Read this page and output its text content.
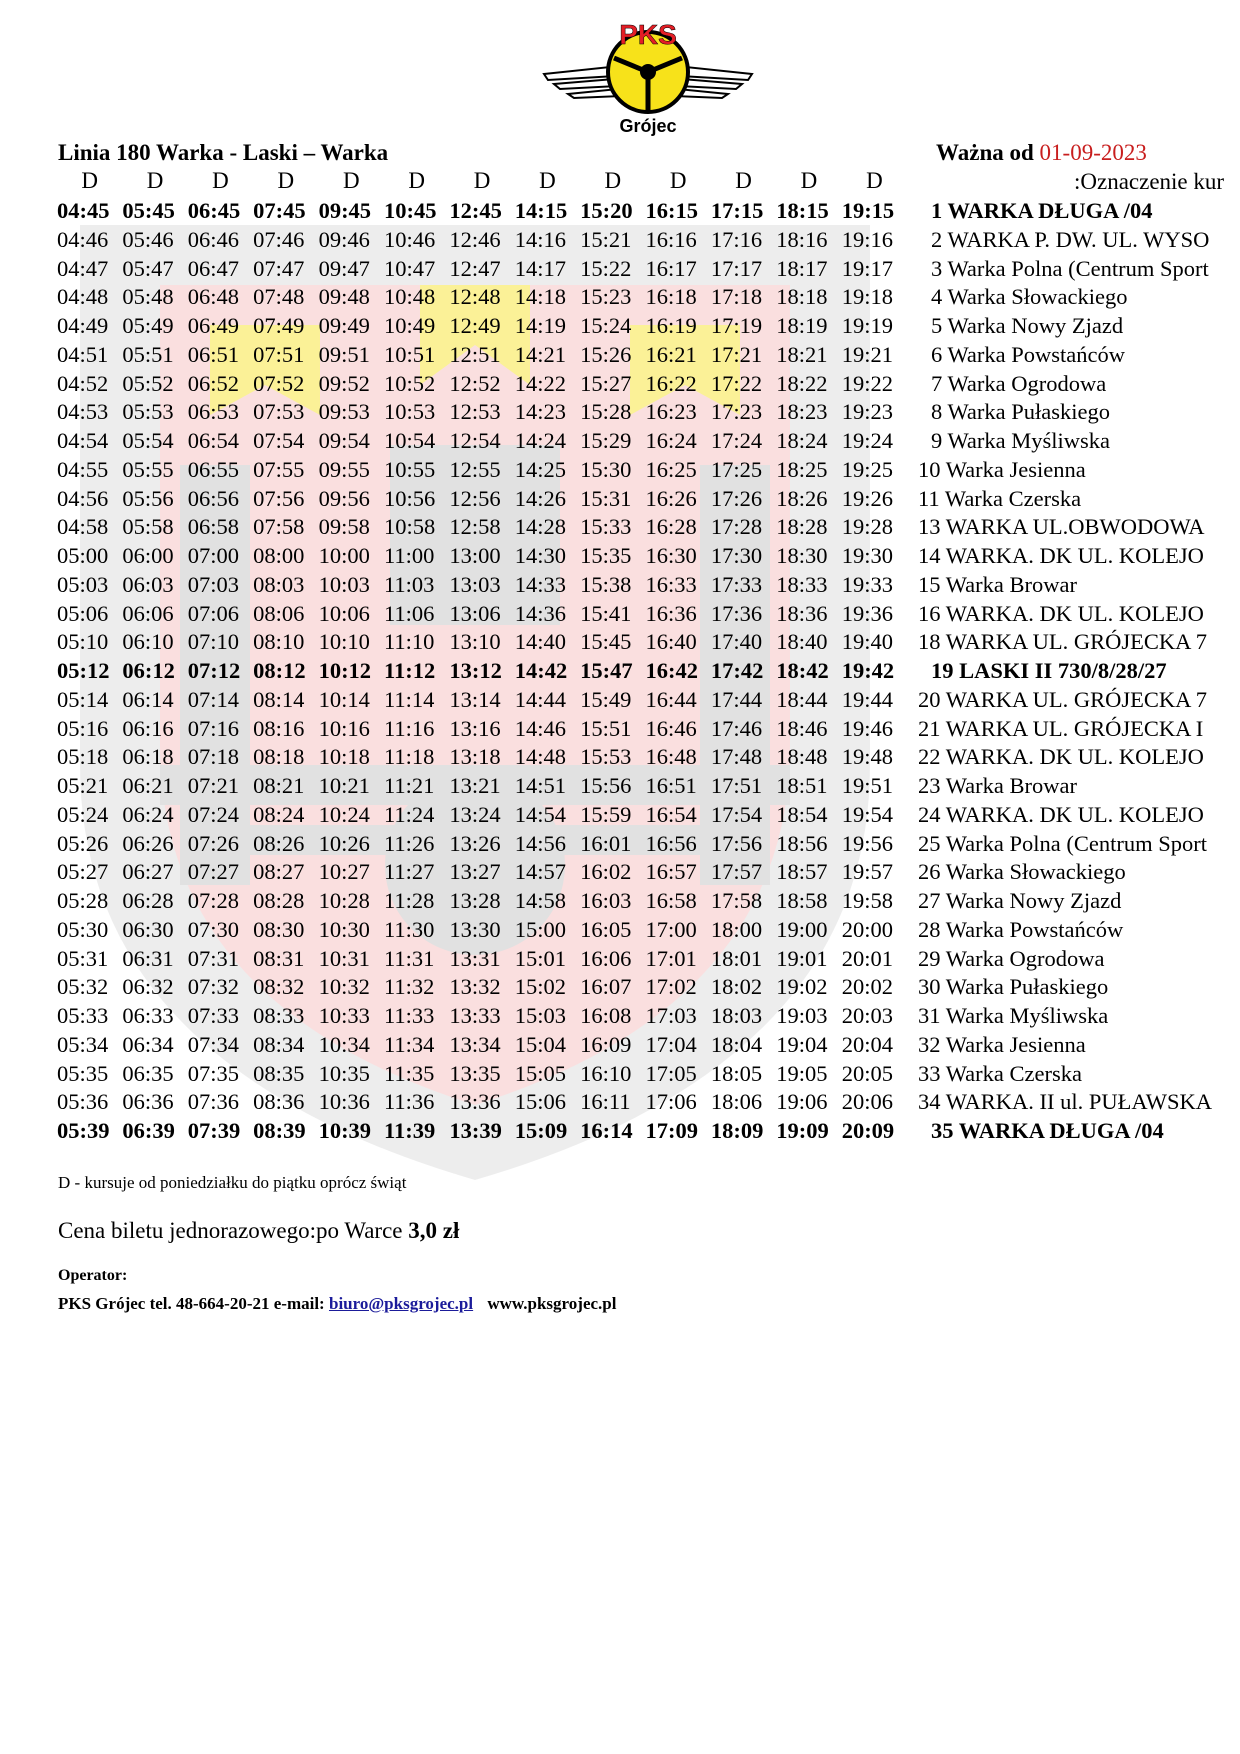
PKS
Grójec
Linia 180 Warka - Laski – Warka	Ważna od 01-09-2023
:Oznaczenie kur
D	D	D	D	D	D	D	D	D	D	D	D	D
04:45 05:45 06:45 07:45 09:45 10:45 12:45 14:15 15:20 16:15 17:15 18:15 19:15	1 WARKA DŁUGA /04
04:46 05:46 06:46 07:46 09:46 10:46 12:46 14:16 15:21 16:16 17:16 18:16 19:16	2 WARKA P. DW. UL. WYSO
04:47 05:47 06:47 07:47 09:47 10:47 12:47 14:17 15:22 16:17 17:17 18:17 19:17	3 Warka Polna (Centrum Sport
04:48 05:48 06:48 07:48 09:48 10:48 12:48 14:18 15:23 16:18 17:18 18:18 19:18	4 Warka Słowackiego
04:49 05:49 06:49 07:49 09:49 10:49 12:49 14:19 15:24 16:19 17:19 18:19 19:19	5 Warka Nowy Zjazd
04:51 05:51 06:51 07:51 09:51 10:51 12:51 14:21 15:26 16:21 17:21 18:21 19:21	6 Warka Powstańców
04:52 05:52 06:52 07:52 09:52 10:52 12:52 14:22 15:27 16:22 17:22 18:22 19:22	7 Warka Ogrodowa
04:53 05:53 06:53 07:53 09:53 10:53 12:53 14:23 15:28 16:23 17:23 18:23 19:23	8 Warka Pułaskiego
04:54 05:54 06:54 07:54 09:54 10:54 12:54 14:24 15:29 16:24 17:24 18:24 19:24	9 Warka Myśliwska
04:55 05:55 06:55 07:55 09:55 10:55 12:55 14:25 15:30 16:25 17:25 18:25 19:25	10 Warka Jesienna
04:56 05:56 06:56 07:56 09:56 10:56 12:56 14:26 15:31 16:26 17:26 18:26 19:26	11 Warka Czerska
04:58 05:58 06:58 07:58 09:58 10:58 12:58 14:28 15:33 16:28 17:28 18:28 19:28	13 WARKA UL.OBWODOWA
05:00 06:00 07:00 08:00 10:00 11:00 13:00 14:30 15:35 16:30 17:30 18:30 19:30	14 WARKA. DK UL. KOLEJO
05:03 06:03 07:03 08:03 10:03 11:03 13:03 14:33 15:38 16:33 17:33 18:33 19:33	15 Warka Browar
05:06 06:06 07:06 08:06 10:06 11:06 13:06 14:36 15:41 16:36 17:36 18:36 19:36	16 WARKA. DK UL. KOLEJO
05:10 06:10 07:10 08:10 10:10 11:10 13:10 14:40 15:45 16:40 17:40 18:40 19:40	18 WARKA UL. GRÓJECKA 7
05:12 06:12 07:12 08:12 10:12 11:12 13:12 14:42 15:47 16:42 17:42 18:42 19:42	19 LASKI II 730/8/28/27
05:14 06:14 07:14 08:14 10:14 11:14 13:14 14:44 15:49 16:44 17:44 18:44 19:44	20 WARKA UL. GRÓJECKA 7
05:16 06:16 07:16 08:16 10:16 11:16 13:16 14:46 15:51 16:46 17:46 18:46 19:46	21 WARKA UL. GRÓJECKA I
05:18 06:18 07:18 08:18 10:18 11:18 13:18 14:48 15:53 16:48 17:48 18:48 19:48	22 WARKA. DK UL. KOLEJO
05:21 06:21 07:21 08:21 10:21 11:21 13:21 14:51 15:56 16:51 17:51 18:51 19:51	23 Warka Browar
05:24 06:24 07:24 08:24 10:24 11:24 13:24 14:54 15:59 16:54 17:54 18:54 19:54	24 WARKA. DK UL. KOLEJO
05:26 06:26 07:26 08:26 10:26 11:26 13:26 14:56 16:01 16:56 17:56 18:56 19:56	25 Warka Polna (Centrum Sport
05:27 06:27 07:27 08:27 10:27 11:27 13:27 14:57 16:02 16:57 17:57 18:57 19:57	26 Warka Słowackiego
05:28 06:28 07:28 08:28 10:28 11:28 13:28 14:58 16:03 16:58 17:58 18:58 19:58	27 Warka Nowy Zjazd
05:30 06:30 07:30 08:30 10:30 11:30 13:30 15:00 16:05 17:00 18:00 19:00 20:00	28 Warka Powstańców
05:31 06:31 07:31 08:31 10:31 11:31 13:31 15:01 16:06 17:01 18:01 19:01 20:01	29 Warka Ogrodowa
05:32 06:32 07:32 08:32 10:32 11:32 13:32 15:02 16:07 17:02 18:02 19:02 20:02	30 Warka Pułaskiego
05:33 06:33 07:33 08:33 10:33 11:33 13:33 15:03 16:08 17:03 18:03 19:03 20:03	31 Warka Myśliwska
05:34 06:34 07:34 08:34 10:34 11:34 13:34 15:04 16:09 17:04 18:04 19:04 20:04	32 Warka Jesienna
05:35 06:35 07:35 08:35 10:35 11:35 13:35 15:05 16:10 17:05 18:05 19:05 20:05	33 Warka Czerska
05:36 06:36 07:36 08:36 10:36 11:36 13:36 15:06 16:11 17:06 18:06 19:06 20:06	34 WARKA. II ul. PUŁAWSKA
05:39 06:39 07:39 08:39 10:39 11:39 13:39 15:09 16:14 17:09 18:09 19:09 20:09	35 WARKA DŁUGA /04
D - kursuje od poniedziałku do piątku oprócz świąt
Cena biletu jednorazowego:po Warce 3,0 zł
Operator:
PKS Grójec tel. 48-664-20-21 e-mail: biuro@pksgrojec.pl www.pksgrojec.pl
